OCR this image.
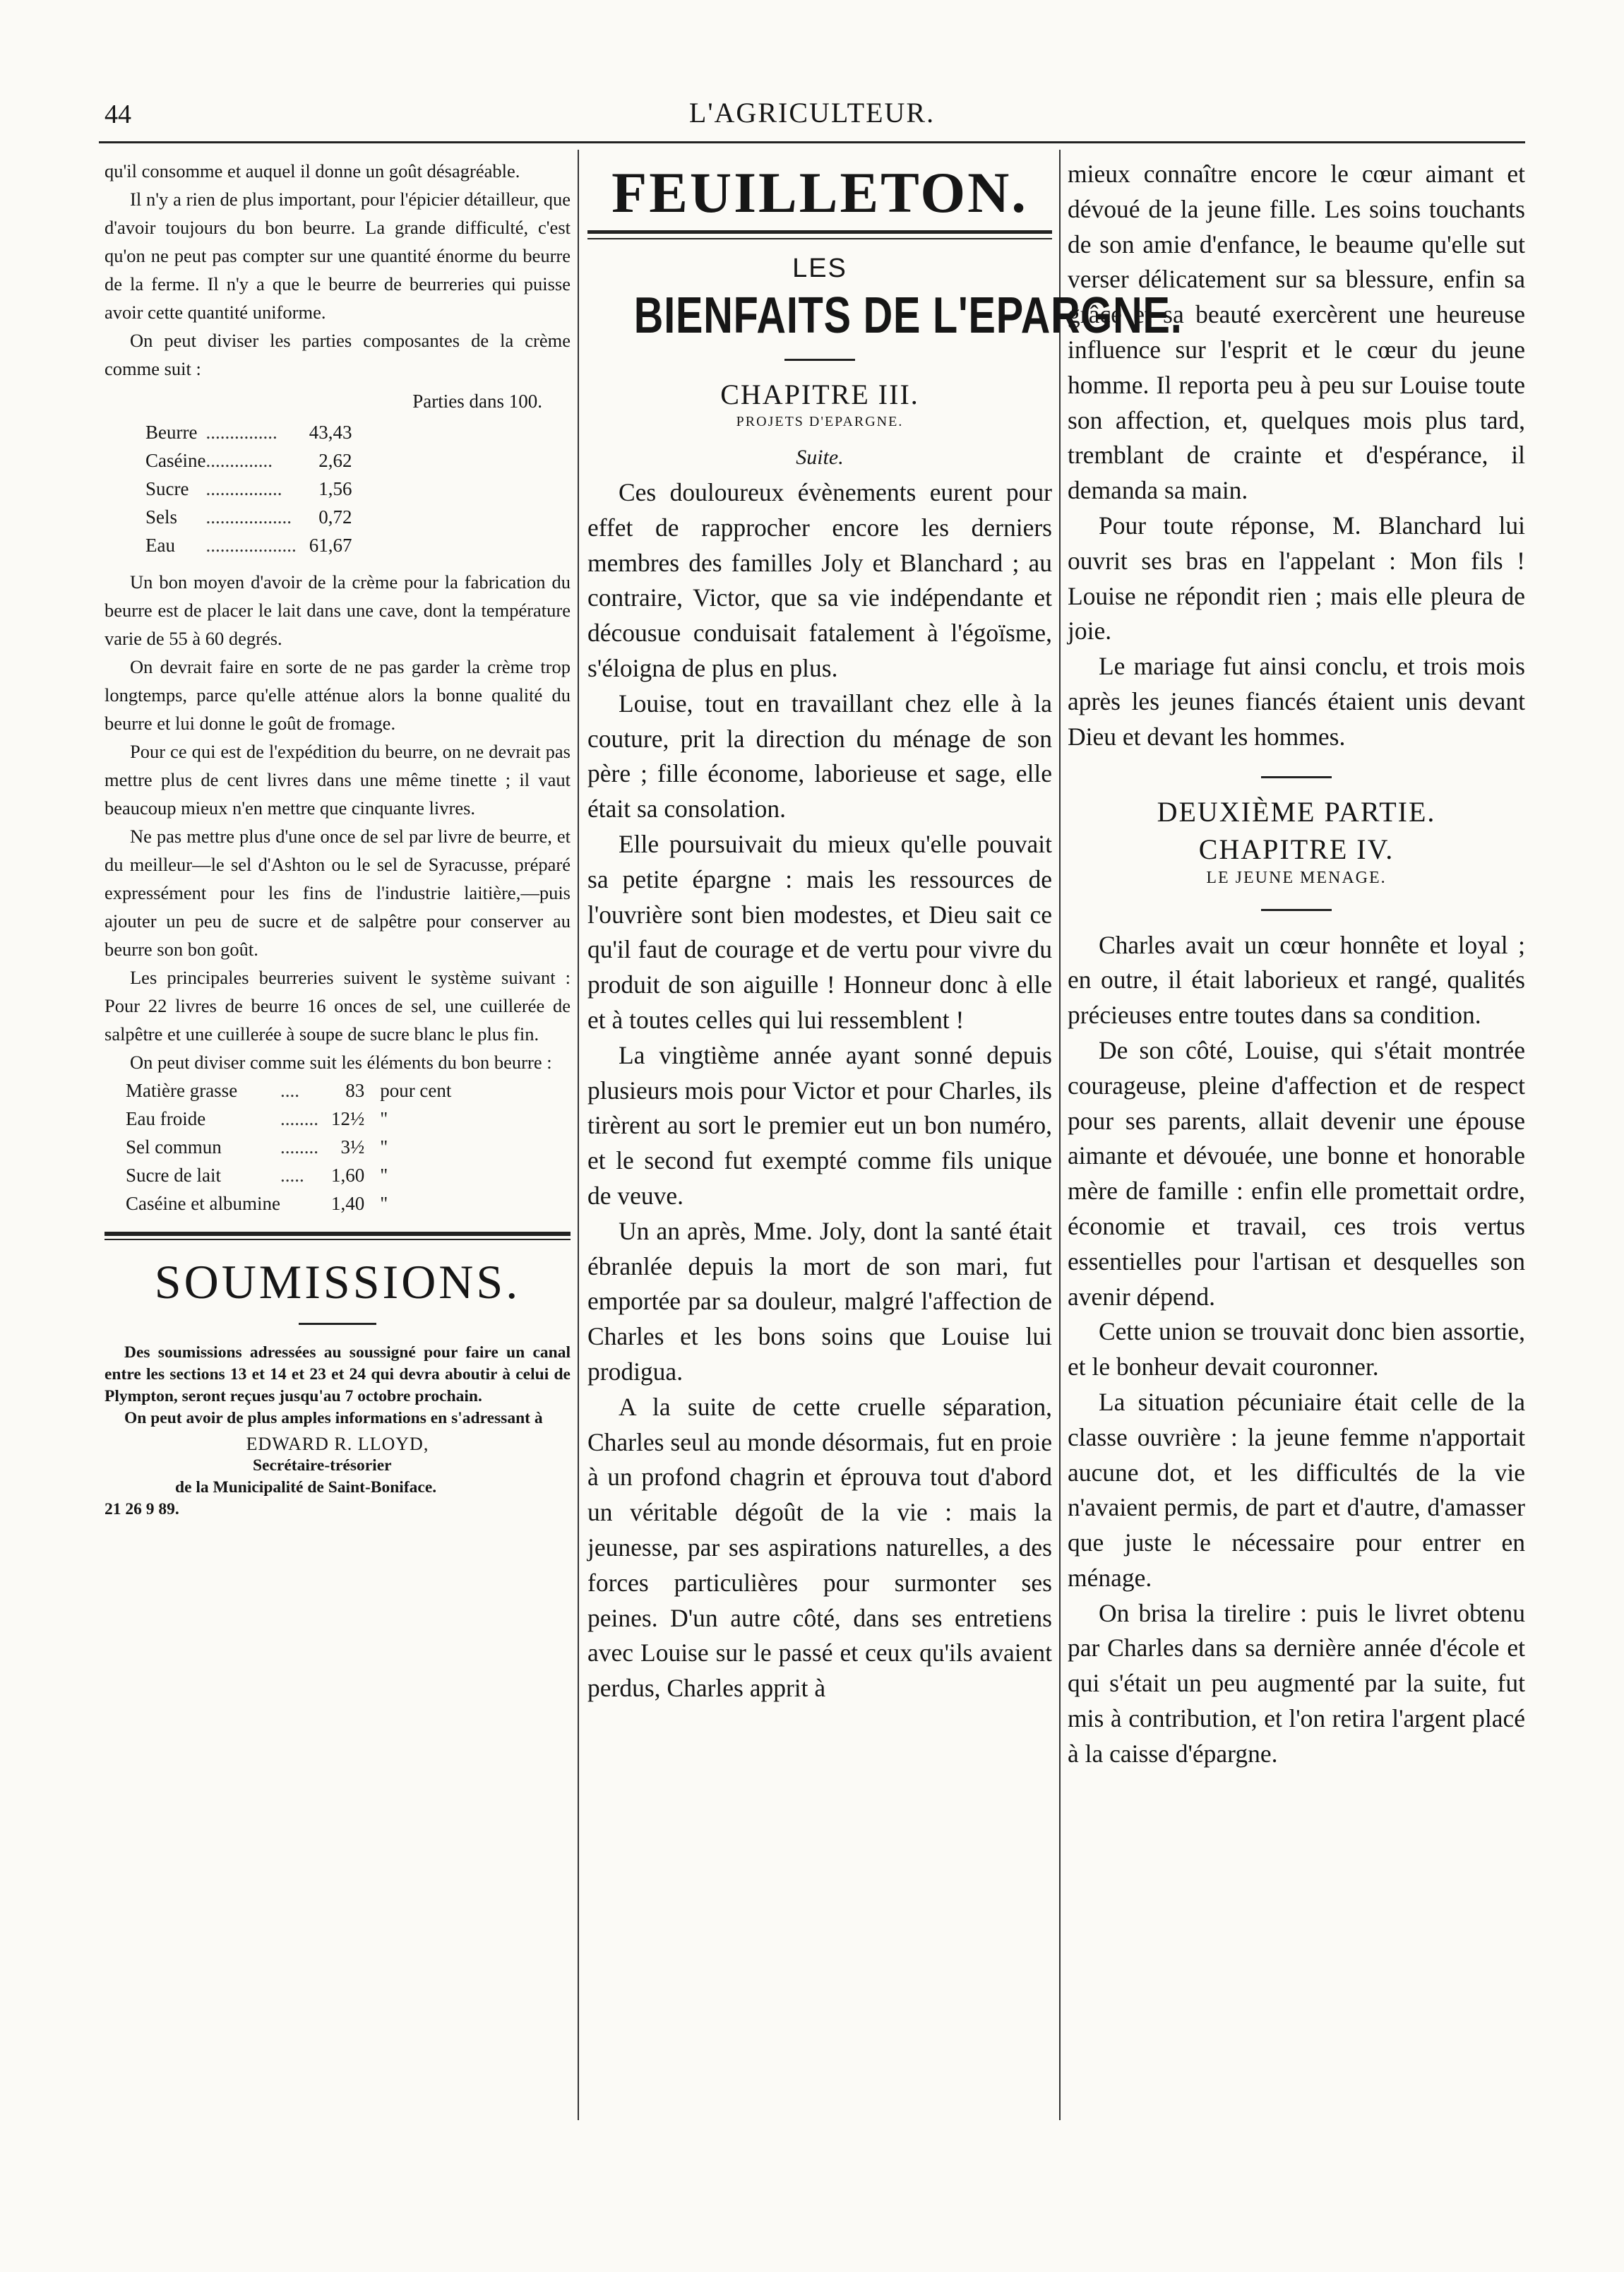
44	L'AGRICULTEUR.

qu'il consomme et auquel il donne un goût désagréable.

Il n'y a rien de plus important, pour l'épicier détailleur, que d'avoir toujours du bon beurre. La grande difficulté, c'est qu'on ne peut pas compter sur une quantité énorme du beurre de la ferme. Il n'y a que le beurre de beurreries qui puisse avoir cette quantité uniforme.

On peut diviser les parties composantes de la crème comme suit :

Parties dans 100.
Beurre	...............	43,43
Caséine	..............	2,62
Sucre	................	1,56
Sels	..................	0,72
Eau	...................	61,67

Un bon moyen d'avoir de la crème pour la fabrication du beurre est de placer le lait dans une cave, dont la température varie de 55 à 60 degrés.

On devrait faire en sorte de ne pas garder la crème trop longtemps, parce qu'elle atténue alors la bonne qualité du beurre et lui donne le goût de fromage.

Pour ce qui est de l'expédition du beurre, on ne devrait pas mettre plus de cent livres dans une même tinette ; il vaut beaucoup mieux n'en mettre que cinquante livres.

Ne pas mettre plus d'une once de sel par livre de beurre, et du meilleur—le sel d'Ashton ou le sel de Syracusse, préparé expressément pour les fins de l'industrie laitière,—puis ajouter un peu de sucre et de salpêtre pour conserver au beurre son bon goût.

Les principales beurreries suivent le système suivant : Pour 22 livres de beurre 16 onces de sel, une cuillerée de salpêtre et une cuillerée à soupe de sucre blanc le plus fin.

On peut diviser comme suit les éléments du bon beurre :

Matière grasse	....	83	pour cent
Eau froide	........	12½	"
Sel commun	........	3½	"
Sucre de lait	.....	1,60	"
Caséine et albumine		1,40	"
SOUMISSIONS.

Des soumissions adressées au soussigné pour faire un canal entre les sections 13 et 14 et 23 et 24 qui devra aboutir à celui de Plympton, seront reçues jusqu'au 7 octobre prochain.

On peut avoir de plus amples informations en s'adressant à

EDWARD R. LLOYD,
Secrétaire-trésorier
de la Municipalité de Saint-Boniface.
21 26 9 89.
FEUILLETON.
LES
BIENFAITS DE L'EPARGNE.
CHAPITRE III.
PROJETS D'EPARGNE.
Suite.

Ces douloureux évènements eurent pour effet de rapprocher encore les derniers membres des familles Joly et Blanchard ; au contraire, Victor, que sa vie indépendante et décousue conduisait fatalement à l'égoïsme, s'éloigna de plus en plus.

Louise, tout en travaillant chez elle à la couture, prit la direction du ménage de son père ; fille économe, laborieuse et sage, elle était sa consolation.

Elle poursuivait du mieux qu'elle pouvait sa petite épargne : mais les ressources de l'ouvrière sont bien modestes, et Dieu sait ce qu'il faut de courage et de vertu pour vivre du produit de son aiguille ! Honneur donc à elle et à toutes celles qui lui ressemblent !

La vingtième année ayant sonné depuis plusieurs mois pour Victor et pour Charles, ils tirèrent au sort le premier eut un bon numéro, et le second fut exempté comme fils unique de veuve.

Un an après, Mme. Joly, dont la santé était ébranlée depuis la mort de son mari, fut emportée par sa douleur, malgré l'affection de Charles et les bons soins que Louise lui prodigua.

A la suite de cette cruelle séparation, Charles seul au monde désormais, fut en proie à un profond chagrin et éprouva tout d'abord un véritable dégoût de la vie : mais la jeunesse, par ses aspirations naturelles, a des forces particulières pour surmonter ses peines. D'un autre côté, dans ses entretiens avec Louise sur le passé et ceux qu'ils avaient perdus, Charles apprit à

mieux connaître encore le cœur aimant et dévoué de la jeune fille. Les soins touchants de son amie d'enfance, le beaume qu'elle sut verser délicatement sur sa blessure, enfin sa grâce et sa beauté exercèrent une heureuse influence sur l'esprit et le cœur du jeune homme. Il reporta peu à peu sur Louise toute son affection, et, quelques mois plus tard, tremblant de crainte et d'espérance, il demanda sa main.

Pour toute réponse, M. Blanchard lui ouvrit ses bras en l'appelant : Mon fils ! Louise ne répondit rien ; mais elle pleura de joie.

Le mariage fut ainsi conclu, et trois mois après les jeunes fiancés étaient unis devant Dieu et devant les hommes.

DEUXIÈME PARTIE.
CHAPITRE IV.
LE JEUNE MENAGE.

Charles avait un cœur honnête et loyal ; en outre, il était laborieux et rangé, qualités précieuses entre toutes dans sa condition.

De son côté, Louise, qui s'était montrée courageuse, pleine d'affection et de respect pour ses parents, allait devenir une épouse aimante et dévouée, une bonne et honorable mère de famille : enfin elle promettait ordre, économie et travail, ces trois vertus essentielles pour l'artisan et desquelles son avenir dépend.

Cette union se trouvait donc bien assortie, et le bonheur devait couronner.

La situation pécuniaire était celle de la classe ouvrière : la jeune femme n'apportait aucune dot, et les difficultés de la vie n'avaient permis, de part et d'autre, d'amasser que juste le nécessaire pour entrer en ménage.

On brisa la tirelire : puis le livret obtenu par Charles dans sa dernière année d'école et qui s'était un peu augmenté par la suite, fut mis à contribution, et l'on retira l'argent placé à la caisse d'épargne.
